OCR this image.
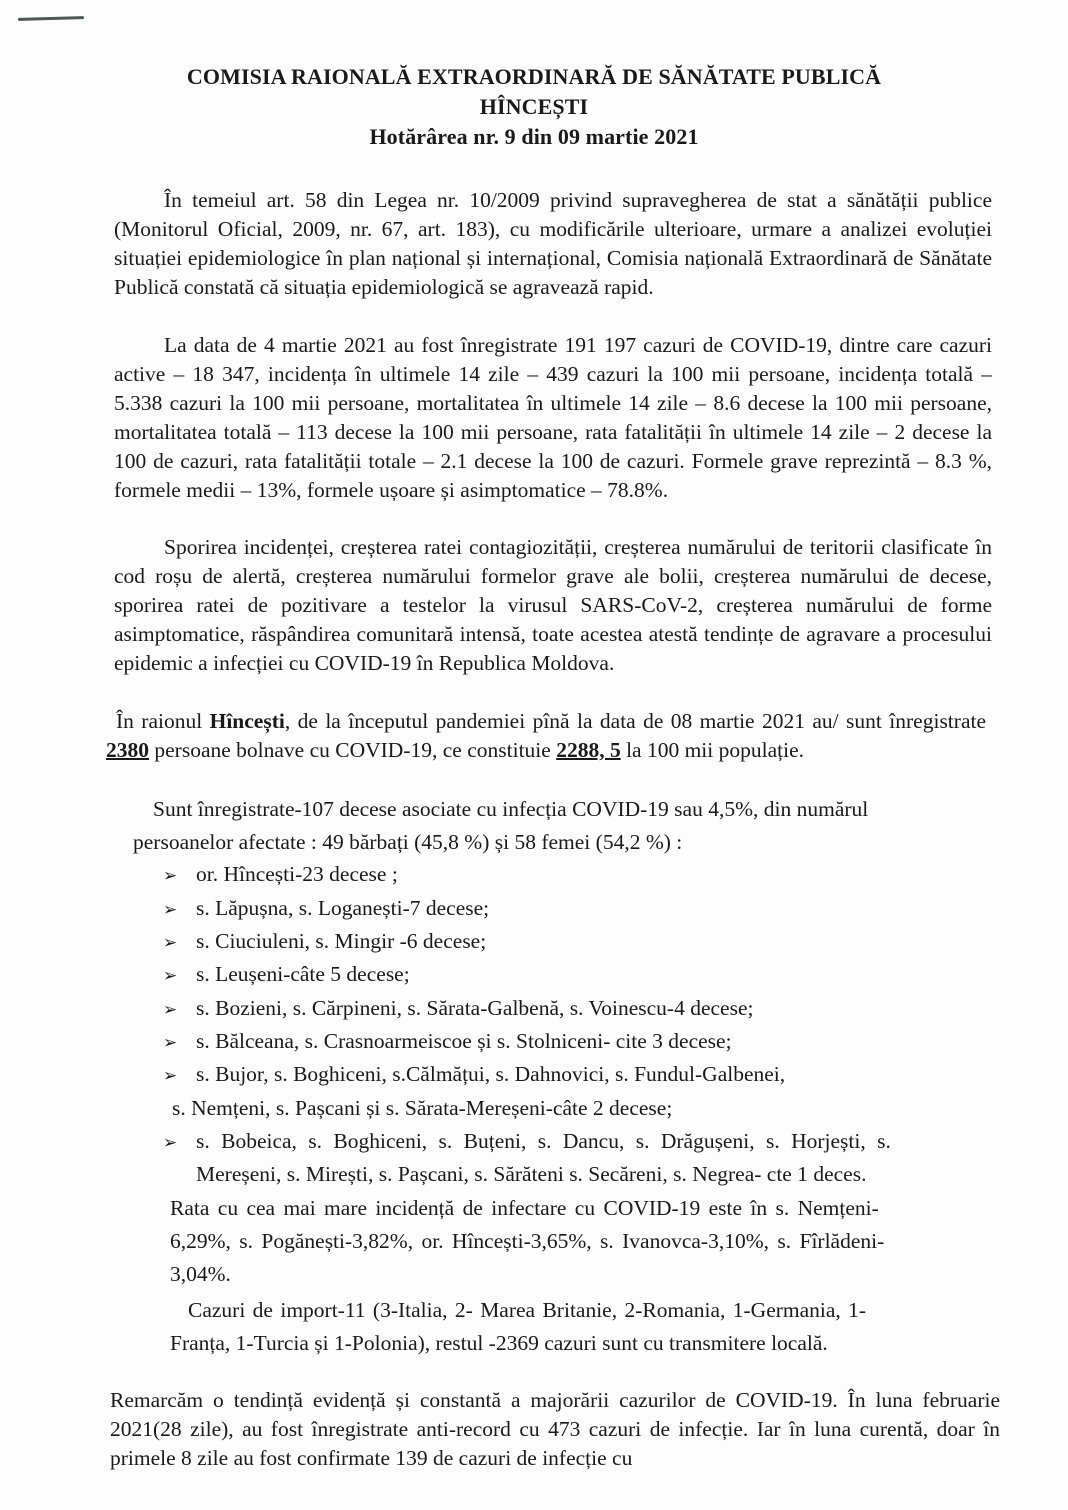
COMISIA RAIONALĂ EXTRAORDINARĂ DE SĂNĂTATE PUBLICĂ
HÎNCEȘTI
Hotărârea nr. 9 din 09 martie 2021

În temeiul art. 58 din Legea nr. 10/2009 privind supravegherea de stat a sănătății publice (Monitorul Oficial, 2009, nr. 67, art. 183), cu modificările ulterioare, urmare a analizei evoluției situației epidemiologice în plan național și internațional, Comisia națională Extraordinară de Sănătate Publică constată că situația epidemiologică se agravează rapid.

La data de 4 martie 2021 au fost înregistrate 191 197 cazuri de COVID-19, dintre care cazuri active – 18 347, incidența în ultimele 14 zile – 439 cazuri la 100 mii persoane, incidența totală – 5.338 cazuri la 100 mii persoane, mortalitatea în ultimele 14 zile – 8.6 decese la 100 mii persoane, mortalitatea totală – 113 decese la 100 mii persoane, rata fatalității în ultimele 14 zile – 2 decese la 100 de cazuri, rata fatalității totale – 2.1 decese la 100 de cazuri. Formele grave reprezintă – 8.3 %, formele medii – 13%, formele ușoare și asimptomatice – 78.8%.

Sporirea incidenței, creșterea ratei contagiozității, creșterea numărului de teritorii clasificate în cod roșu de alertă, creșterea numărului formelor grave ale bolii, creșterea numărului de decese, sporirea ratei de pozitivare a testelor la virusul SARS-CoV-2, creșterea numărului de forme asimptomatice, răspândirea comunitară intensă, toate acestea atestă tendințe de agravare a procesului epidemic a infecției cu COVID-19 în Republica Moldova.

În raionul Hîncești, de la începutul pandemiei pînă la data de 08 martie 2021 au/ sunt înregistrate 2380 persoane bolnave cu COVID-19, ce constituie 2288, 5 la 100 mii populație.

Sunt înregistrate-107 decese asociate cu infecția COVID-19 sau 4,5%, din numărul
persoanelor afectate : 49 bărbați (45,8 %) și 58 femei (54,2 %) :
➢ or. Hîncești-23 decese ;
➢ s. Lăpușna, s. Loganești-7 decese;
➢ s. Ciuciuleni, s. Mingir -6 decese;
➢ s. Leușeni-câte 5 decese;
➢ s. Bozieni, s. Cărpineni, s. Sărata-Galbenă, s. Voinescu-4 decese;
➢ s. Bălceana, s. Crasnoarmeiscoe și s. Stolniceni- cite 3 decese;
➢ s. Bujor, s. Boghiceni, s.Călmățui, s. Dahnovici, s. Fundul-Galbenei,
s. Nemțeni, s. Pașcani și s. Sărata-Mereșeni-câte 2 decese;
➢ s. Bobeica, s. Boghiceni, s. Buțeni, s. Dancu, s. Drăgușeni, s. Horjești, s.
Mereșeni, s. Mirești, s. Pașcani, s. Sărăteni s. Secăreni, s. Negrea- cte 1 deces.
Rata cu cea mai mare incidență de infectare cu COVID-19 este în s. Nemțeni-
6,29%, s. Pogănești-3,82%, or. Hîncești-3,65%, s. Ivanovca-3,10%, s. Fîrlădeni-
3,04%.
Cazuri de import-11 (3-Italia, 2- Marea Britanie, 2-Romania, 1-Germania, 1-
Franța, 1-Turcia și 1-Polonia), restul -2369 cazuri sunt cu transmitere locală.

Remarcăm o tendință evidență și constantă a majorării cazurilor de COVID-19. În luna februarie 2021(28 zile), au fost înregistrate anti-record cu 473 cazuri de infecție. Iar în luna curentă, doar în primele 8 zile au fost confirmate 139 de cazuri de infecție cu
